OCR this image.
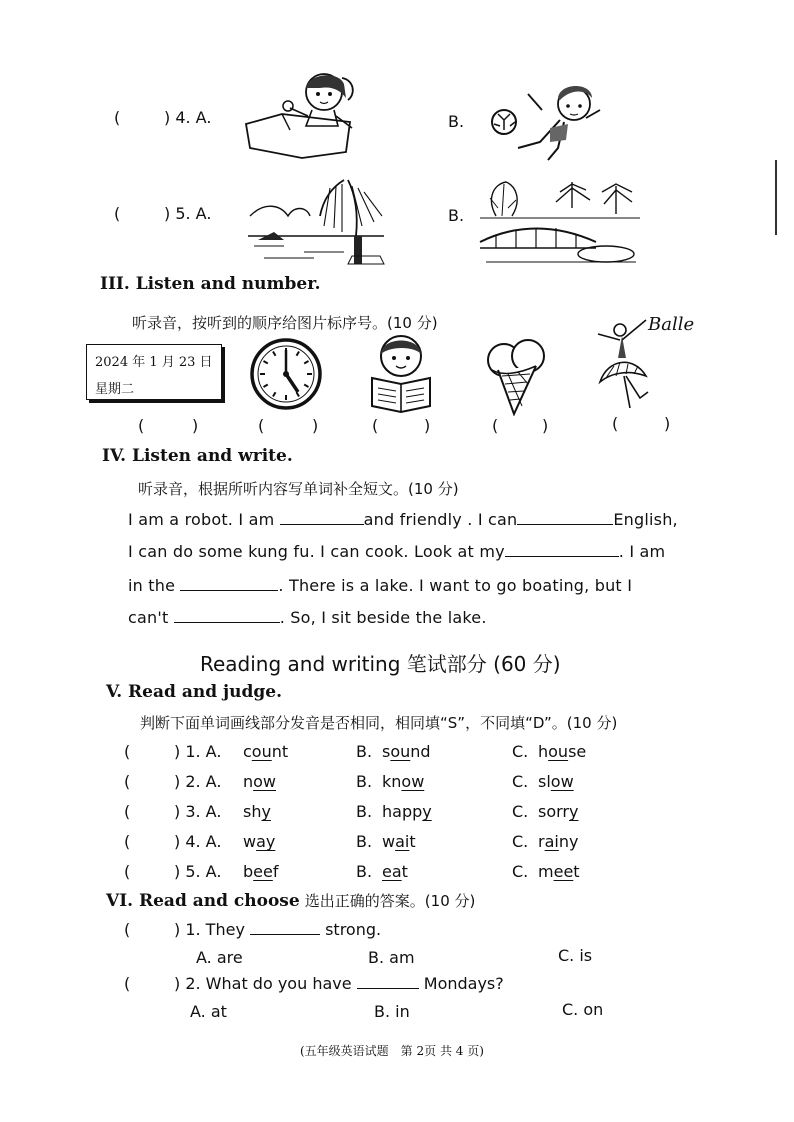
(	) 4. A.	B.
(	) 5. A.	B.
III. Listen and number.
听录音，按听到的顺序给图片标序号。(10 分)
2024 年 1 月 23 日
星期二
Balle
(	)	(	)	(	)	(	)	(	)
IV. Listen and write.
听录音，根据所听内容写单词补全短文。(10 分)
I am a robot. I am	and friendly . I can	English,
I can do some kung fu. I can cook. Look at my	. I am
in the	. There is a lake. I want to go boating, but I
can't	. So, I sit beside the lake.
Reading and writing 笔试部分 (60 分)
V. Read and judge.
判断下面单词画线部分发音是否相同，相同填“S”，不同填“D”。(10 分)
(	) 1. A. count	B. sound	C. house
(	) 2. A. now	B. know	C. slow
(	) 3. A. shy	B. happy	C. sorry
(	) 4. A. way	B. wait	C. rainy
(	) 5. A. beef	B. eat	C. meet
VI. Read and choose 选出正确的答案。(10 分)
(	) 1. They	strong.
A. are	B. am	C. is
(	) 2. What do you have	Mondays?
A. at	B. in	C. on
(五年级英语试题　第 2页 共 4 页)
